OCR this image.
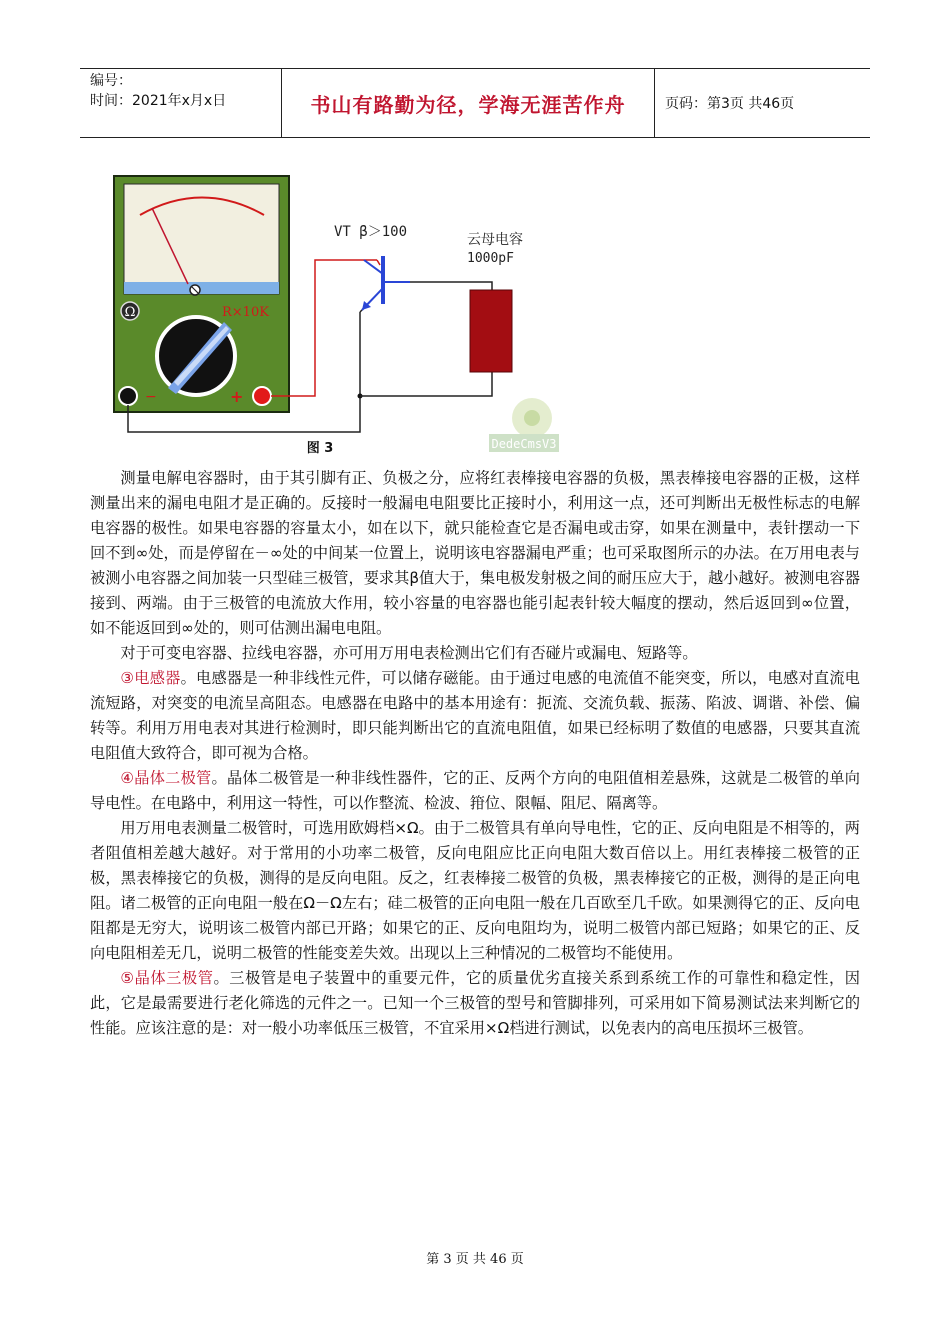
编号：
时间：2021年x月x日	书山有路勤为径，学海无涯苦作舟	页码：第3页 共46页
Ω	R×10K
−	+
VT β＞100	云母电容
1000pF
DedeCmsV3
图 3

测量电解电容器时，由于其引脚有正、负极之分，应将红表棒接电容器的负极，黑表棒接电容器的正极，这样测量出来的漏电电阻才是正确的。反接时一般漏电电阻要比正接时小，利用这一点，还可判断出无极性标志的电解电容器的极性。如果电容器的容量太小，如在以下，就只能检查它是否漏电或击穿，如果在测量中，表针摆动一下回不到∞处，而是停留在－∞处的中间某一位置上，说明该电容器漏电严重；也可采取图所示的办法。在万用电表与被测小电容器之间加装一只型硅三极管，要求其β值大于，集电极发射极之间的耐压应大于，越小越好。被测电容器接到、两端。由于三极管的电流放大作用，较小容量的电容器也能引起表针较大幅度的摆动，然后返回到∞位置，如不能返回到∞处的，则可估测出漏电电阻。

对于可变电容器、拉线电容器，亦可用万用电表检测出它们有否碰片或漏电、短路等。

③电感器。电感器是一种非线性元件，可以储存磁能。由于通过电感的电流值不能突变，所以，电感对直流电流短路，对突变的电流呈高阻态。电感器在电路中的基本用途有：扼流、交流负载、振荡、陷波、调谐、补偿、偏转等。利用万用电表对其进行检测时，即只能判断出它的直流电阻值，如果已经标明了数值的电感器，只要其直流电阻值大致符合，即可视为合格。

④晶体二极管。晶体二极管是一种非线性器件，它的正、反两个方向的电阻值相差悬殊，这就是二极管的单向导电性。在电路中，利用这一特性，可以作整流、检波、箝位、限幅、阻尼、隔离等。

用万用电表测量二极管时，可选用欧姆档×Ω。由于二极管具有单向导电性，它的正、反向电阻是不相等的，两者阻值相差越大越好。对于常用的小功率二极管，反向电阻应比正向电阻大数百倍以上。用红表棒接二极管的正极，黑表棒接它的负极，测得的是反向电阻。反之，红表棒接二极管的负极，黑表棒接它的正极，测得的是正向电阻。诸二极管的正向电阻一般在Ω－Ω左右；硅二极管的正向电阻一般在几百欧至几千欧。如果测得它的正、反向电阻都是无穷大，说明该二极管内部已开路；如果它的正、反向电阻均为，说明二极管内部已短路；如果它的正、反向电阻相差无几，说明二极管的性能变差失效。出现以上三种情况的二极管均不能使用。

⑤晶体三极管。三极管是电子装置中的重要元件，它的质量优劣直接关系到系统工作的可靠性和稳定性，因此，它是最需要进行老化筛选的元件之一。已知一个三极管的型号和管脚排列，可采用如下简易测试法来判断它的性能。应该注意的是：对一般小功率低压三极管，不宜采用×Ω档进行测试，以免表内的高电压损坏三极管。

第 3 页 共 46 页
